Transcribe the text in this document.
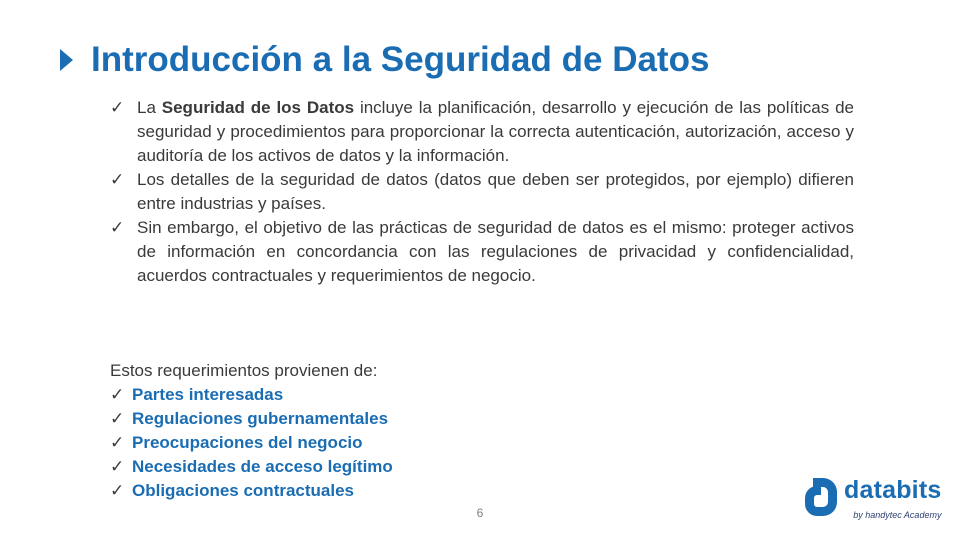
Introducción a la Seguridad de Datos
✓ La Seguridad de los Datos incluye la planificación, desarrollo y ejecución de las políticas de seguridad y procedimientos para proporcionar la correcta autenticación, autorización, acceso y auditoría de los activos de datos y la información.
✓ Los detalles de la seguridad de datos (datos que deben ser protegidos, por ejemplo) difieren entre industrias y países.
✓ Sin embargo, el objetivo de las prácticas de seguridad de datos es el mismo: proteger activos de información en concordancia con las regulaciones de privacidad y confidencialidad, acuerdos contractuales y requerimientos de negocio.
Estos requerimientos provienen de:
✓ Partes interesadas
✓ Regulaciones gubernamentales
✓ Preocupaciones del negocio
✓ Necesidades de acceso legítimo
✓ Obligaciones contractuales
6
databits
by handytec Academy
